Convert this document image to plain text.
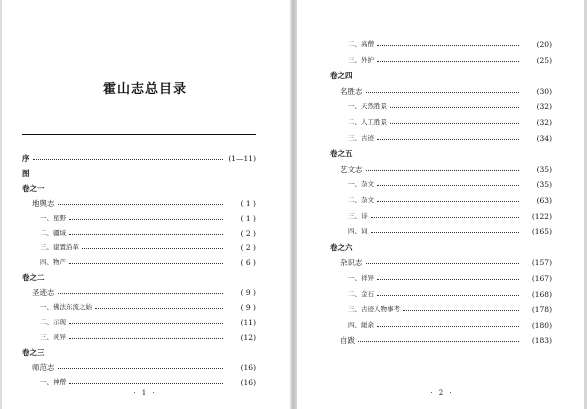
霍山志总目录
序	(1—11)
图
卷之一
地舆志	( 1 )
一、星野	( 1 )
二、疆域	( 2 )
三、建置沿革	( 2 )
四、物产	( 6 )
卷之二
圣迹志	( 9 )
一、佛法东流之始	( 9 )
二、示现	(11)
三、灵异	(12)
卷之三
师范志	(16)
一、神僧	(16)
· 1 ·
二、高僧	(20)
三、外护	(25)
卷之四
名胜志	(30)
一、天然胜景	(32)
二、人工胜景	(32)
三、古迹	(34)
卷之五
艺文志	(35)
一、杂文	(35)
二、杂文	(63)
三、诗	(122)
四、词	(165)
卷之六
杂识志	(157)
一、祥异	(167)
二、金石	(168)
三、古迹人物事考	(178)
四、縂余	(180)
自跋	(183)
· 2 ·
